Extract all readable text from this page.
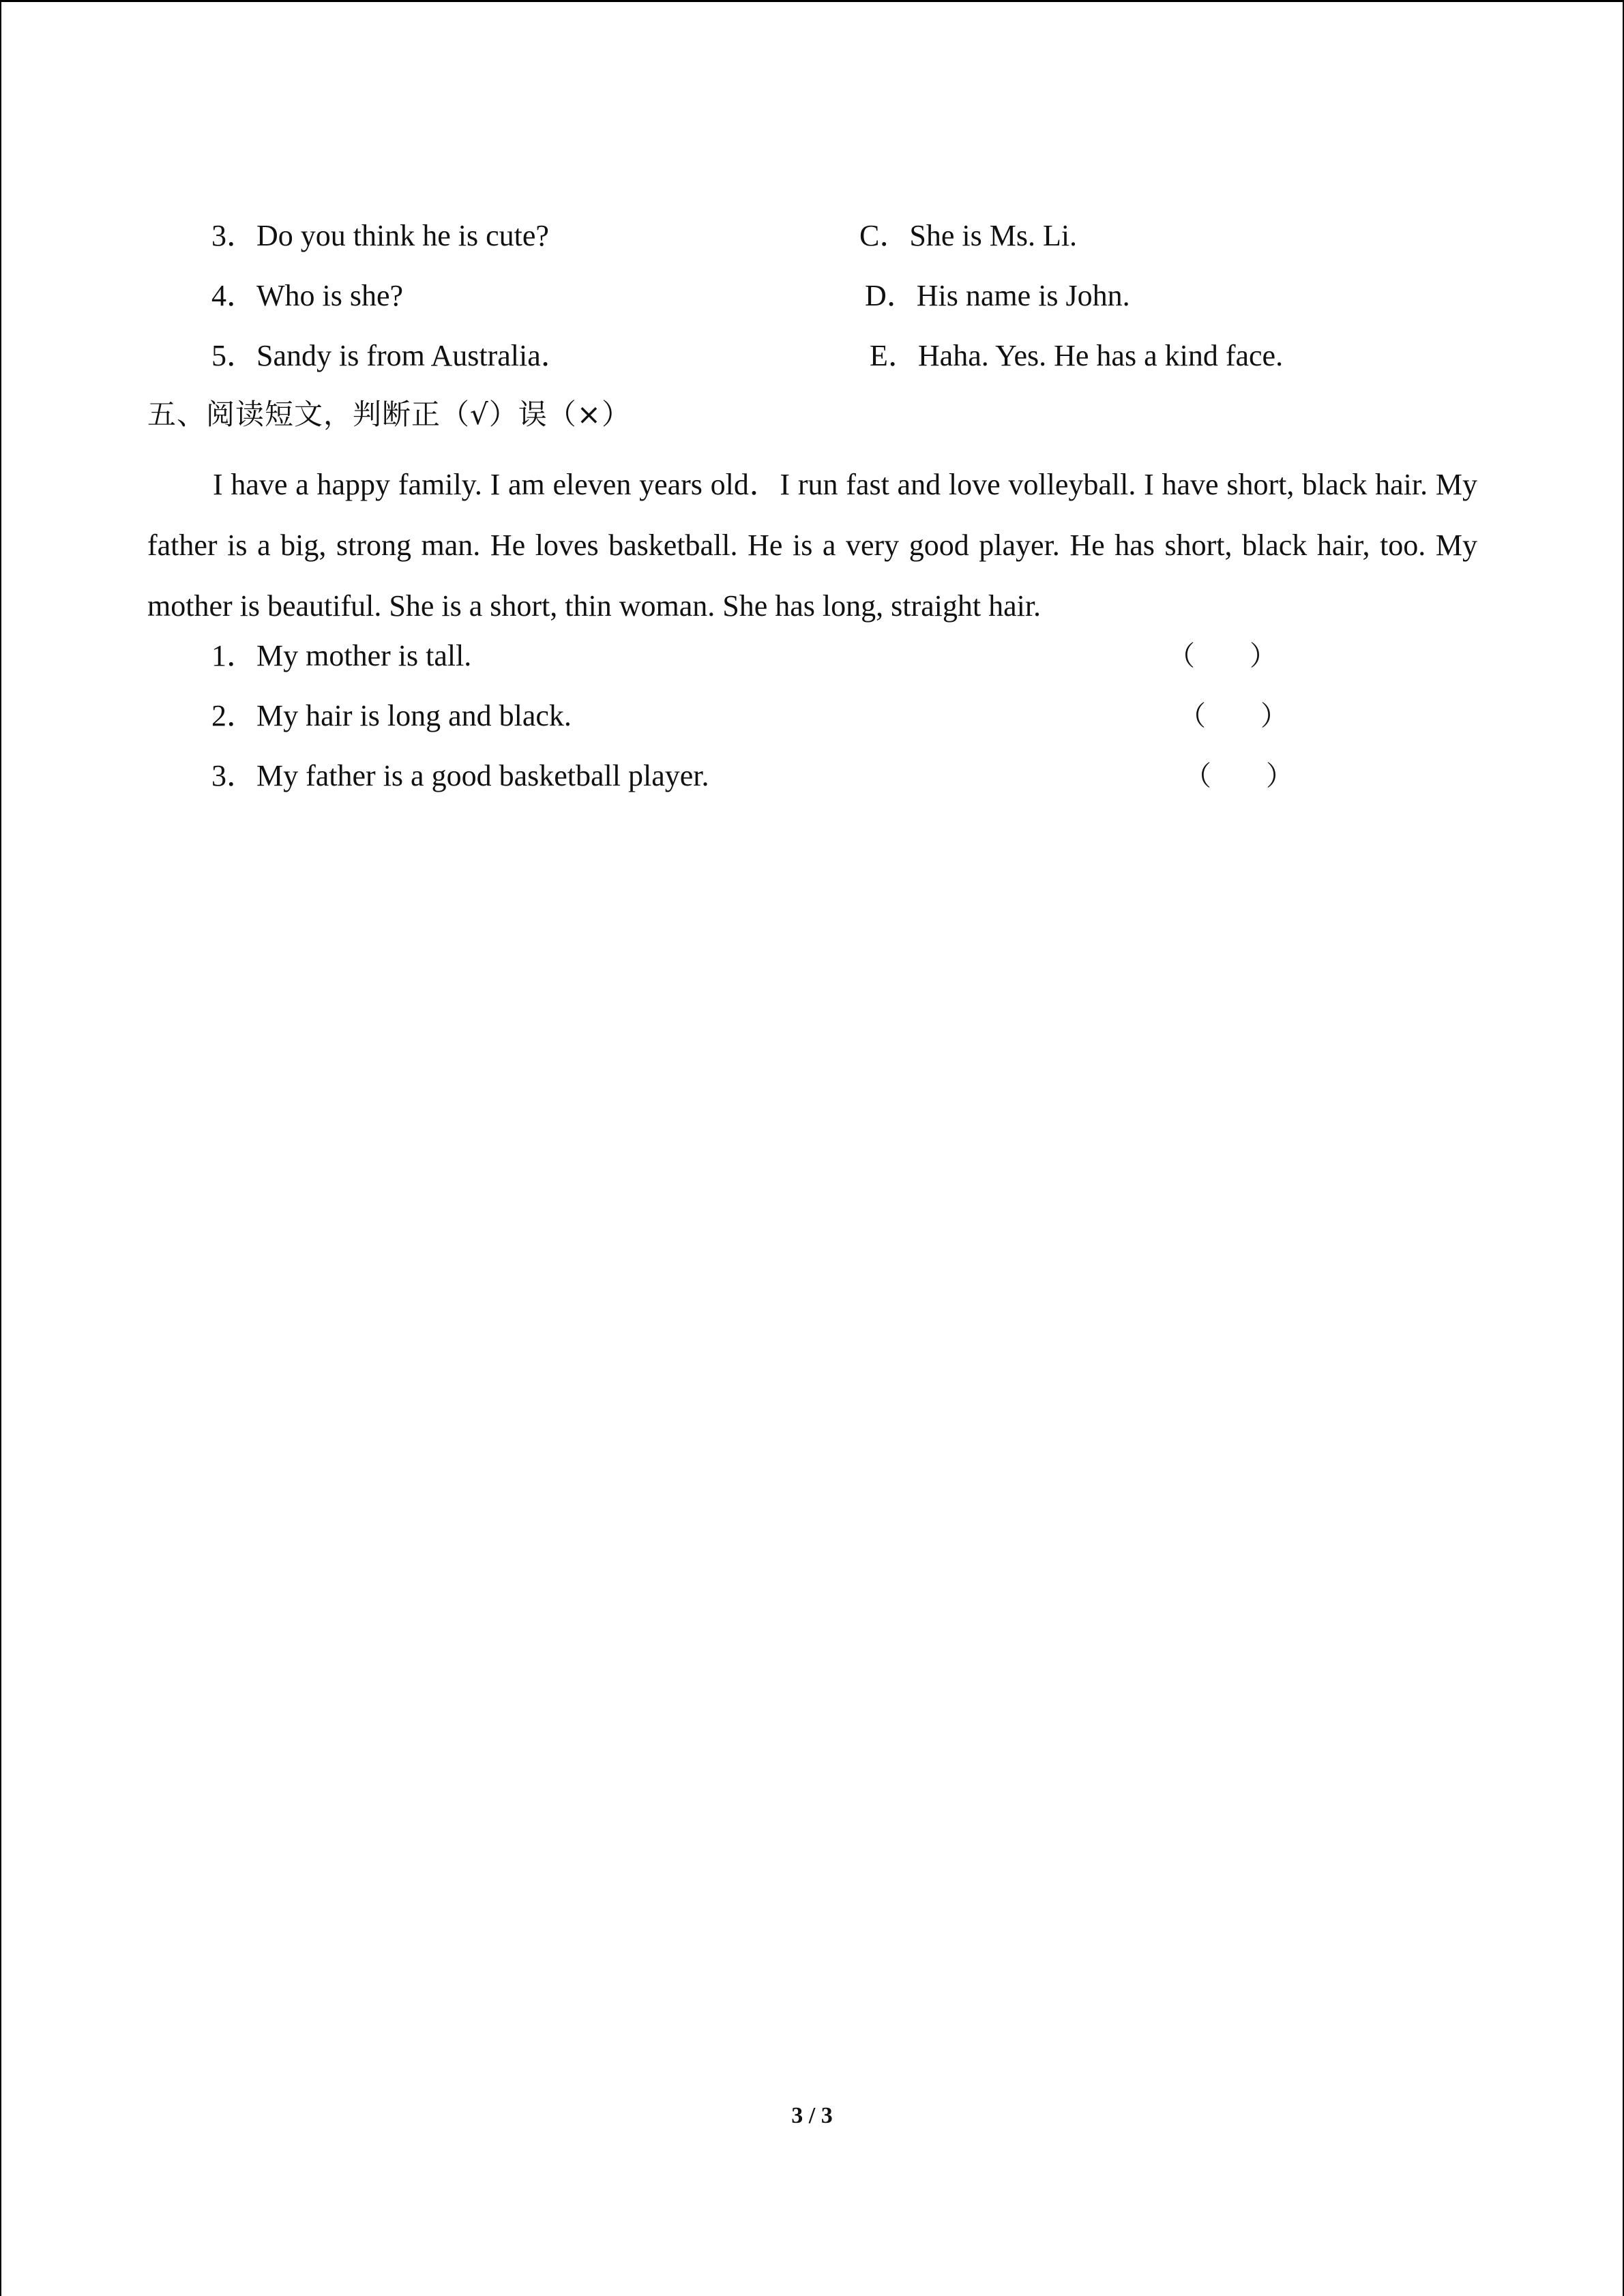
3．Do you think he is cute?	C．She is Ms. Li.
4．Who is she?	D．His name is John.
5．Sandy is from Australia．	E．Haha. Yes. He has a kind face.
五、阅读短文，判断正（√）误（×）

I have a happy family. I am eleven years old．I run fast and love volleyball. I have short, black hair. My father is a big, strong man. He loves basketball. He is a very good player. He has short, black hair, too. My mother is beautiful. She is a short, thin woman. She has long, straight hair.

1．My mother is tall.	（　　）
2．My hair is long and black.	（　　）
3．My father is a good basketball player.	（　　）
3 / 3
